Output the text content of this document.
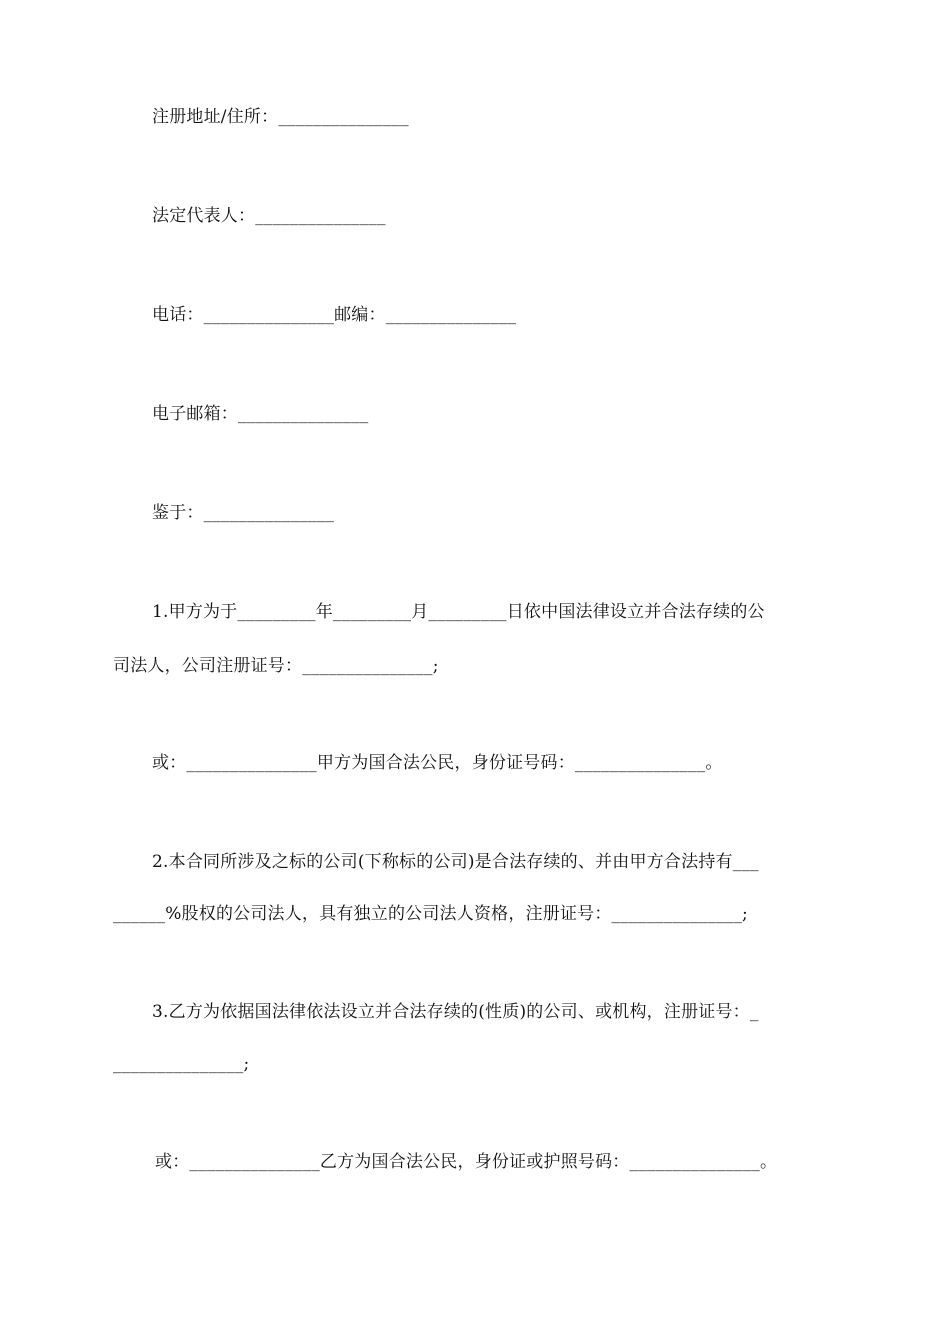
注册地址/住所：_______________
法定代表人：_______________
电话：_______________邮编：_______________
电子邮箱：_______________
鉴于：_______________
1.甲方为于_________年_________月_________日依中国法律设立并合法存续的公
司法人，公司注册证号：_______________;
或：_______________甲方为国合法公民，身份证号码：_______________。
2.本合同所涉及之标的公司(下称标的公司)是合法存续的、并由甲方合法持有___
______%股权的公司法人，具有独立的公司法人资格，注册证号：_______________;
3.乙方为依据国法律依法设立并合法存续的(性质)的公司、或机构，注册证号：_
_______________;
或：_______________乙方为国合法公民，身份证或护照号码：_______________。
